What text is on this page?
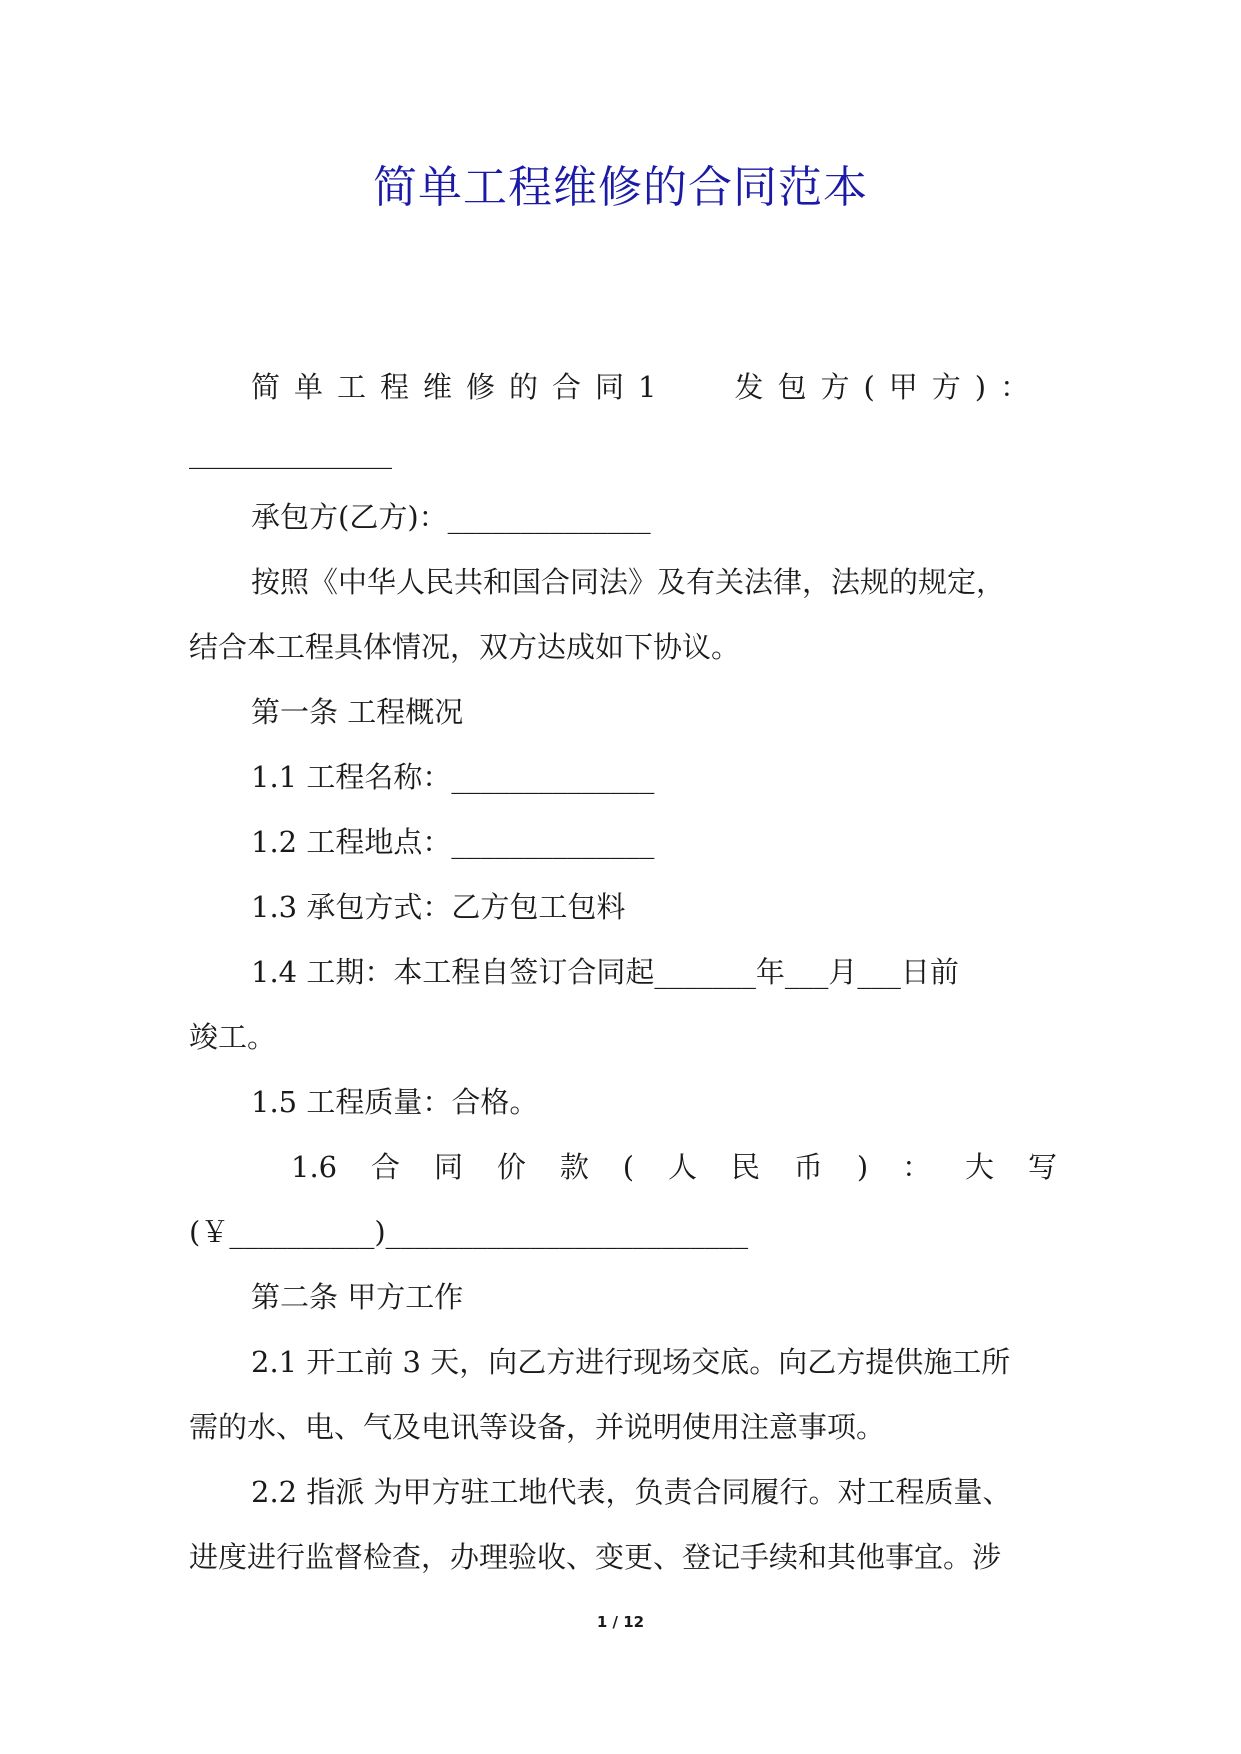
简单工程维修的合同范本

简单工程维修的合同1 发包方(甲方)：

______________

承包方(乙方)：______________

按照《中华人民共和国合同法》及有关法律，法规的规定，

结合本工程具体情况，双方达成如下协议。

第一条 工程概况

1.1 工程名称：______________

1.2 工程地点：______________

1.3 承包方式：乙方包工包料

1.4 工期：本工程自签订合同起_______年___月___日前

竣工。

1.5 工程质量：合格。

1.6 合 同 价 款 ( 人 民 币 ) ： 大 写

(￥__________)_________________________

第二条 甲方工作

2.1 开工前 3 天，向乙方进行现场交底。向乙方提供施工所

需的水、电、气及电讯等设备，并说明使用注意事项。

2.2 指派 为甲方驻工地代表，负责合同履行。对工程质量、

进度进行监督检查，办理验收、变更、登记手续和其他事宜。涉

1 / 12
